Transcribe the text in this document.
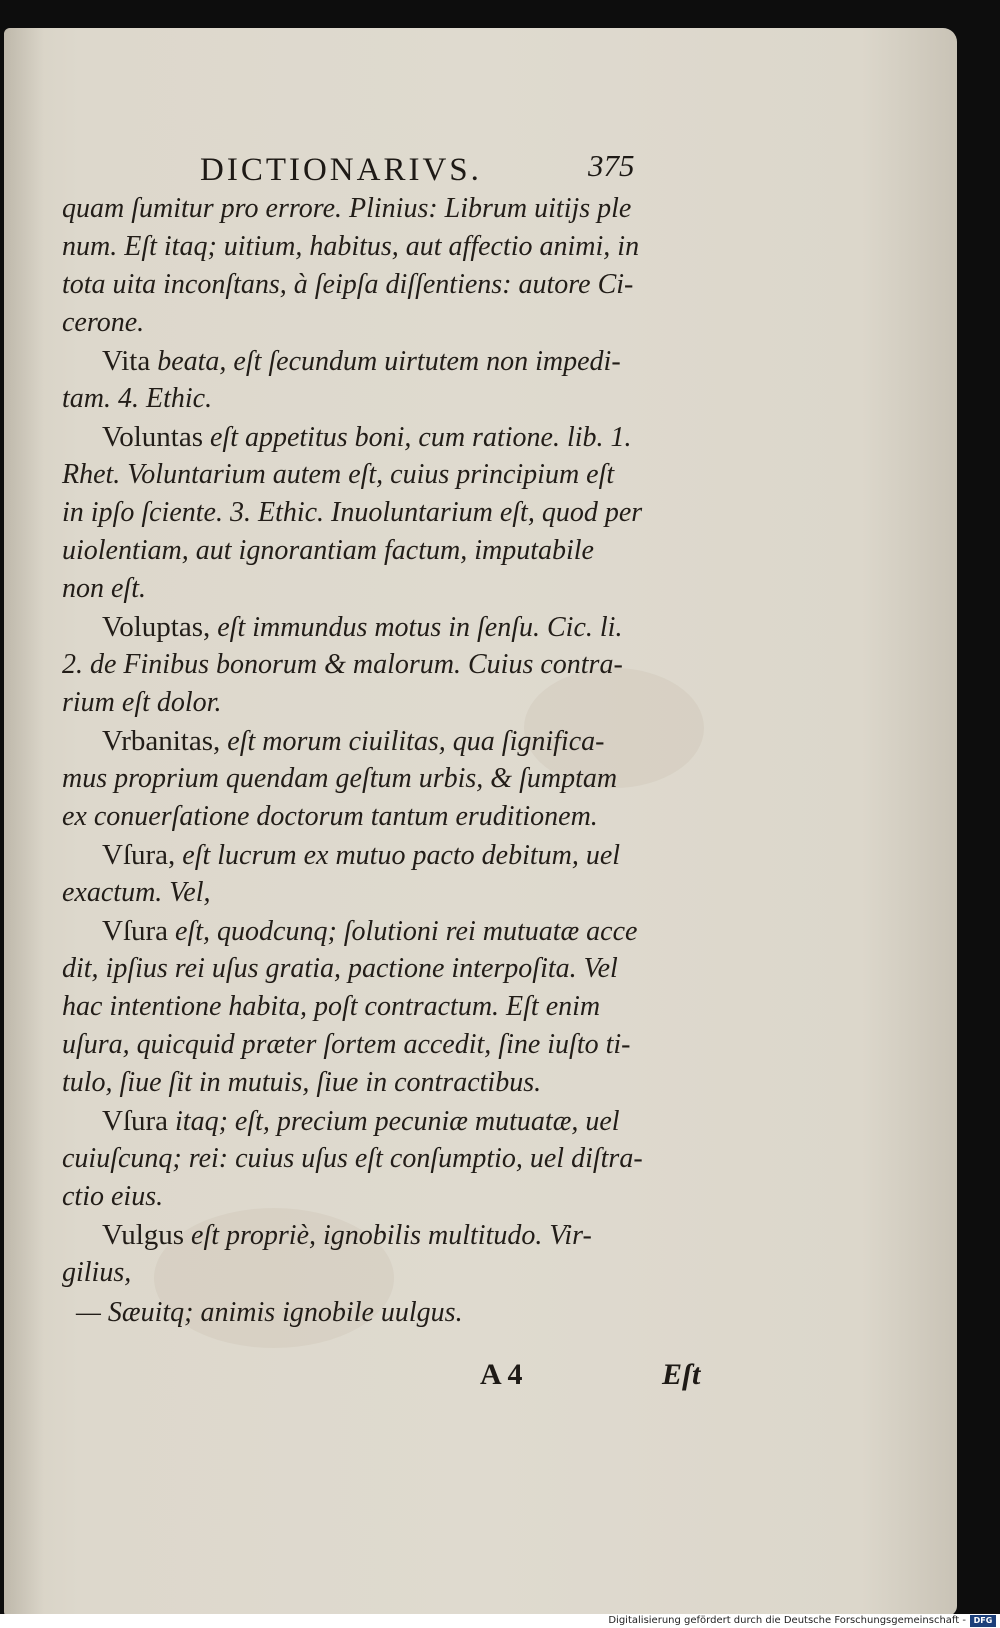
DICTIONARIVS.	375
quam ſumitur pro errore. Plinius: Librum uitijs ple
num. Eſt itaq; uitium, habitus, aut affectio animi, in
tota uita inconſtans, à ſeipſa diſſentiens: autore Ci-
cerone.
Vita beata, eſt ſecundum uirtutem non impedi-
tam. 4. Ethic.
Voluntas eſt appetitus boni, cum ratione. lib. 1.
Rhet. Voluntarium autem eſt, cuius principium eſt
in ipſo ſciente. 3. Ethic. Inuoluntarium eſt, quod per
uiolentiam, aut ignorantiam factum, imputabile
non eſt.
Voluptas, eſt immundus motus in ſenſu. Cic. li.
2. de Finibus bonorum & malorum. Cuius contra-
rium eſt dolor.
Vrbanitas, eſt morum ciuilitas, qua ſignifica-
mus proprium quendam geſtum urbis, & ſumptam
ex conuerſatione doctorum tantum eruditionem.
Vſura, eſt lucrum ex mutuo pacto debitum, uel
exactum. Vel,
Vſura eſt, quodcunq; ſolutioni rei mutuatæ acce
dit, ipſius rei uſus gratia, pactione interpoſita. Vel
hac intentione habita, poſt contractum. Eſt enim
uſura, quicquid præter ſortem accedit, ſine iuſto ti-
tulo, ſiue ſit in mutuis, ſiue in contractibus.
Vſura itaq; eſt, precium pecuniæ mutuatæ, uel
cuiuſcunq; rei: cuius uſus eſt conſumptio, uel diſtra-
ctio eius.
Vulgus eſt propriè, ignobilis multitudo. Vir-
gilius,
— Sæuitq; animis ignobile uulgus.
A 4	Eſt
Digitalisierung gefördert durch die Deutsche Forschungsgemeinschaft - DFG
